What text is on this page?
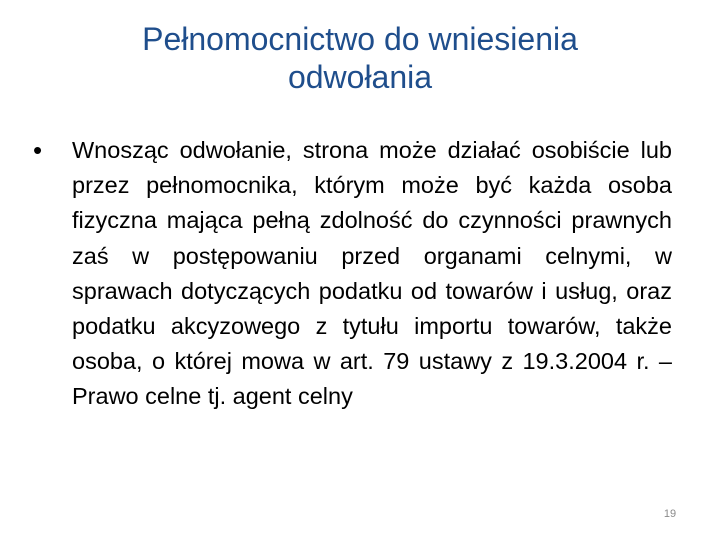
Pełnomocnictwo do wniesienia
odwołania
• Wnosząc odwołanie, strona może działać osobiście lub przez pełnomocnika, którym może być każda osoba fizyczna mająca pełną zdolność do czynności prawnych zaś w postępowaniu przed organami celnymi, w sprawach dotyczących podatku od towarów i usług, oraz podatku akcyzowego z tytułu importu towarów, także osoba, o której mowa w art. 79 ustawy z 19.3.2004 r. –Prawo celne tj. agent celny

19
